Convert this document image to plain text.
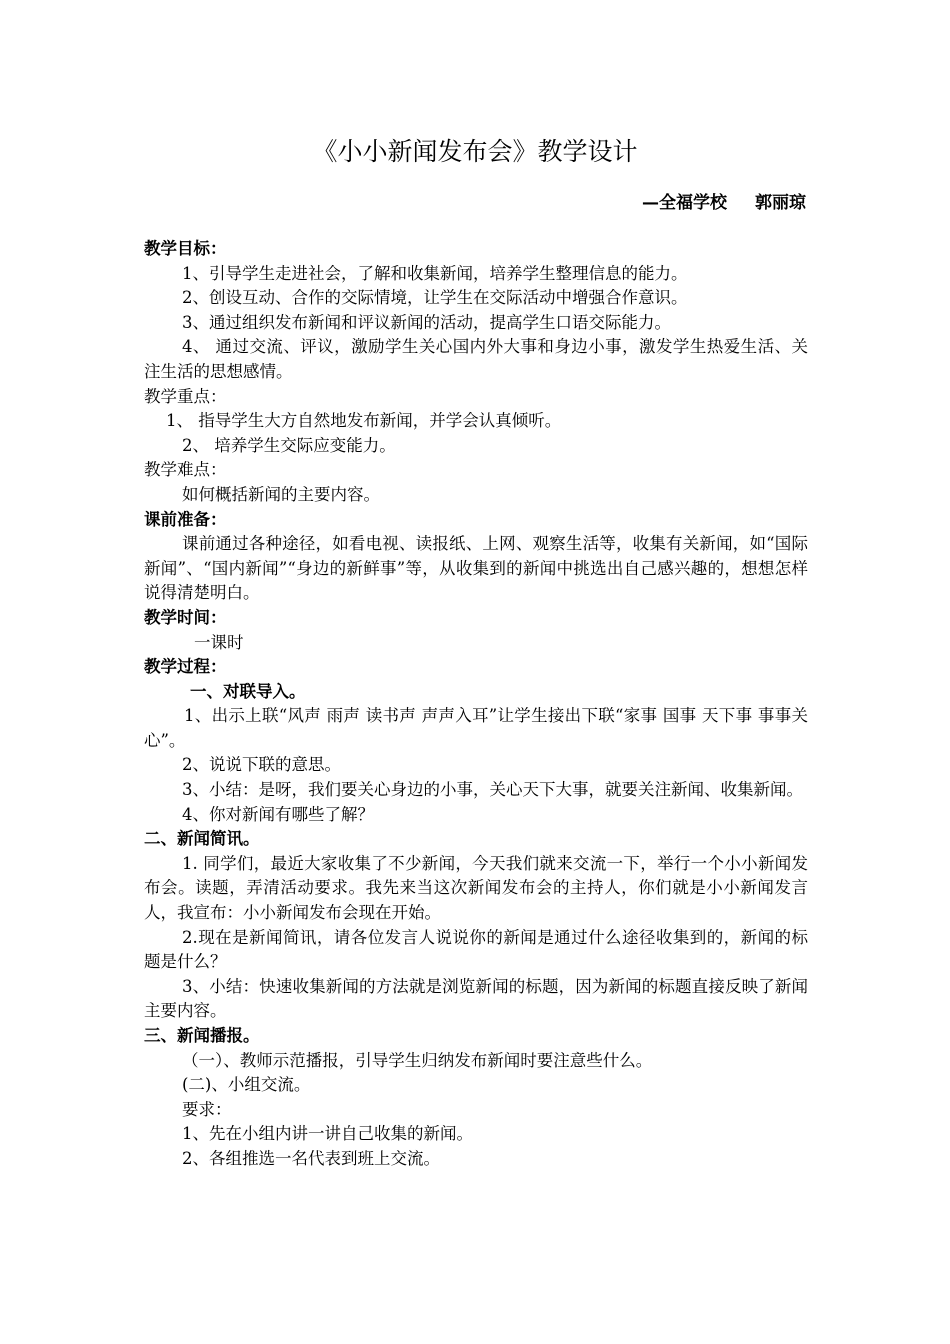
《小小新闻发布会》教学设计
—全福学校 郭丽琼

教学目标：

1、引导学生走进社会，了解和收集新闻，培养学生整理信息的能力。

2、创设互动、合作的交际情境，让学生在交际活动中增强合作意识。

3、通过组织发布新闻和评议新闻的活动，提高学生口语交际能力。

4、 通过交流、评议，激励学生关心国内外大事和身边小事，激发学生热爱生活、关注生活的思想感情。

教学重点：

1、 指导学生大方自然地发布新闻，并学会认真倾听。

2、 培养学生交际应变能力。

教学难点：

如何概括新闻的主要内容。

课前准备：

课前通过各种途径，如看电视、读报纸、上网、观察生活等，收集有关新闻，如“国际新闻”、“国内新闻”“身边的新鲜事”等，从收集到的新闻中挑选出自己感兴趣的，想想怎样说得清楚明白。

教学时间：

一课时

教学过程：

一、对联导入。

1、出示上联“风声 雨声 读书声 声声入耳”让学生接出下联“家事 国事 天下事 事事关心”。

2、说说下联的意思。

3、小结：是呀，我们要关心身边的小事，关心天下大事，就要关注新闻、收集新闻。

4、你对新闻有哪些了解？

二、新闻简讯。

1. 同学们，最近大家收集了不少新闻，今天我们就来交流一下，举行一个小小新闻发布会。读题，弄清活动要求。我先来当这次新闻发布会的主持人，你们就是小小新闻发言人，我宣布：小小新闻发布会现在开始。

2.现在是新闻简讯，请各位发言人说说你的新闻是通过什么途径收集到的，新闻的标题是什么？

3、小结：快速收集新闻的方法就是浏览新闻的标题，因为新闻的标题直接反映了新闻主要内容。

三、新闻播报。

（一）、教师示范播报，引导学生归纳发布新闻时要注意些什么。

(二)、小组交流。

要求：

1、先在小组内讲一讲自己收集的新闻。

2、各组推选一名代表到班上交流。
